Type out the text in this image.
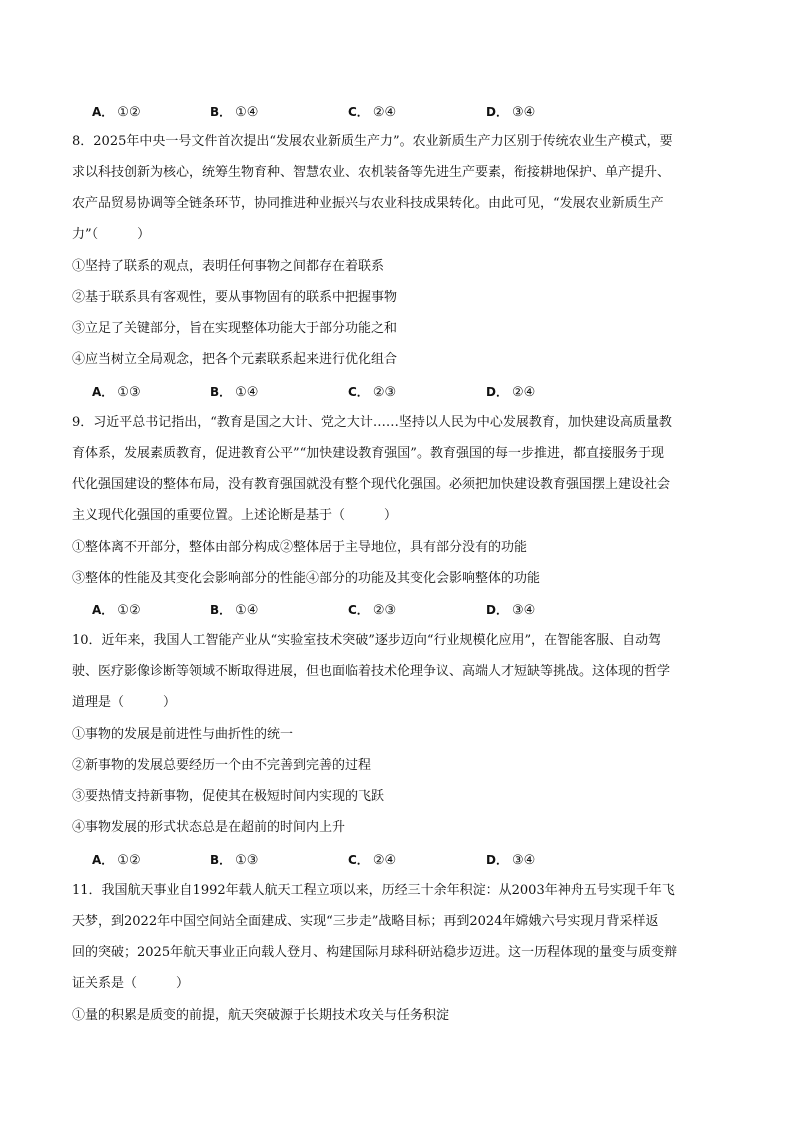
A． ①②	B． ①④	C． ②④	D． ③④
8．2025年中央一号文件首次提出“发展农业新质生产力”。农业新质生产力区别于传统农业生产模式，要
求以科技创新为核心，统筹生物育种、智慧农业、农机装备等先进生产要素，衔接耕地保护、单产提升、
农产品贸易协调等全链条环节，协同推进种业振兴与农业科技成果转化。由此可见，“发展农业新质生产
力”（　　　）
①坚持了联系的观点，表明任何事物之间都存在着联系
②基于联系具有客观性，要从事物固有的联系中把握事物
③立足了关键部分，旨在实现整体功能大于部分功能之和
④应当树立全局观念，把各个元素联系起来进行优化组合
A． ①③	B． ①④	C． ②③	D． ②④
9．习近平总书记指出，“教育是国之大计、党之大计……坚持以人民为中心发展教育，加快建设高质量教
育体系，发展素质教育，促进教育公平”“加快建设教育强国”。教育强国的每一步推进，都直接服务于现
代化强国建设的整体布局，没有教育强国就没有整个现代化强国。必须把加快建设教育强国摆上建设社会
主义现代化强国的重要位置。上述论断是基于（　　　）
①整体离不开部分，整体由部分构成②整体居于主导地位，具有部分没有的功能
③整体的性能及其变化会影响部分的性能④部分的功能及其变化会影响整体的功能
A． ①②	B． ①④	C． ②③	D． ③④
10．近年来，我国人工智能产业从“实验室技术突破”逐步迈向“行业规模化应用”，在智能客服、自动驾
驶、医疗影像诊断等领域不断取得进展，但也面临着技术伦理争议、高端人才短缺等挑战。这体现的哲学
道理是（　　　）
①事物的发展是前进性与曲折性的统一
②新事物的发展总要经历一个由不完善到完善的过程
③要热情支持新事物，促使其在极短时间内实现的飞跃
④事物发展的形式状态总是在超前的时间内上升
A． ①②	B． ①③	C． ②④	D． ③④
11．我国航天事业自1992年载人航天工程立项以来，历经三十余年积淀：从2003年神舟五号实现千年飞
天梦，到2022年中国空间站全面建成、实现“三步走”战略目标；再到2024年嫦娥六号实现月背采样返
回的突破；2025年航天事业正向载人登月、构建国际月球科研站稳步迈进。这一历程体现的量变与质变辩
证关系是（　　　）
①量的积累是质变的前提，航天突破源于长期技术攻关与任务积淀
